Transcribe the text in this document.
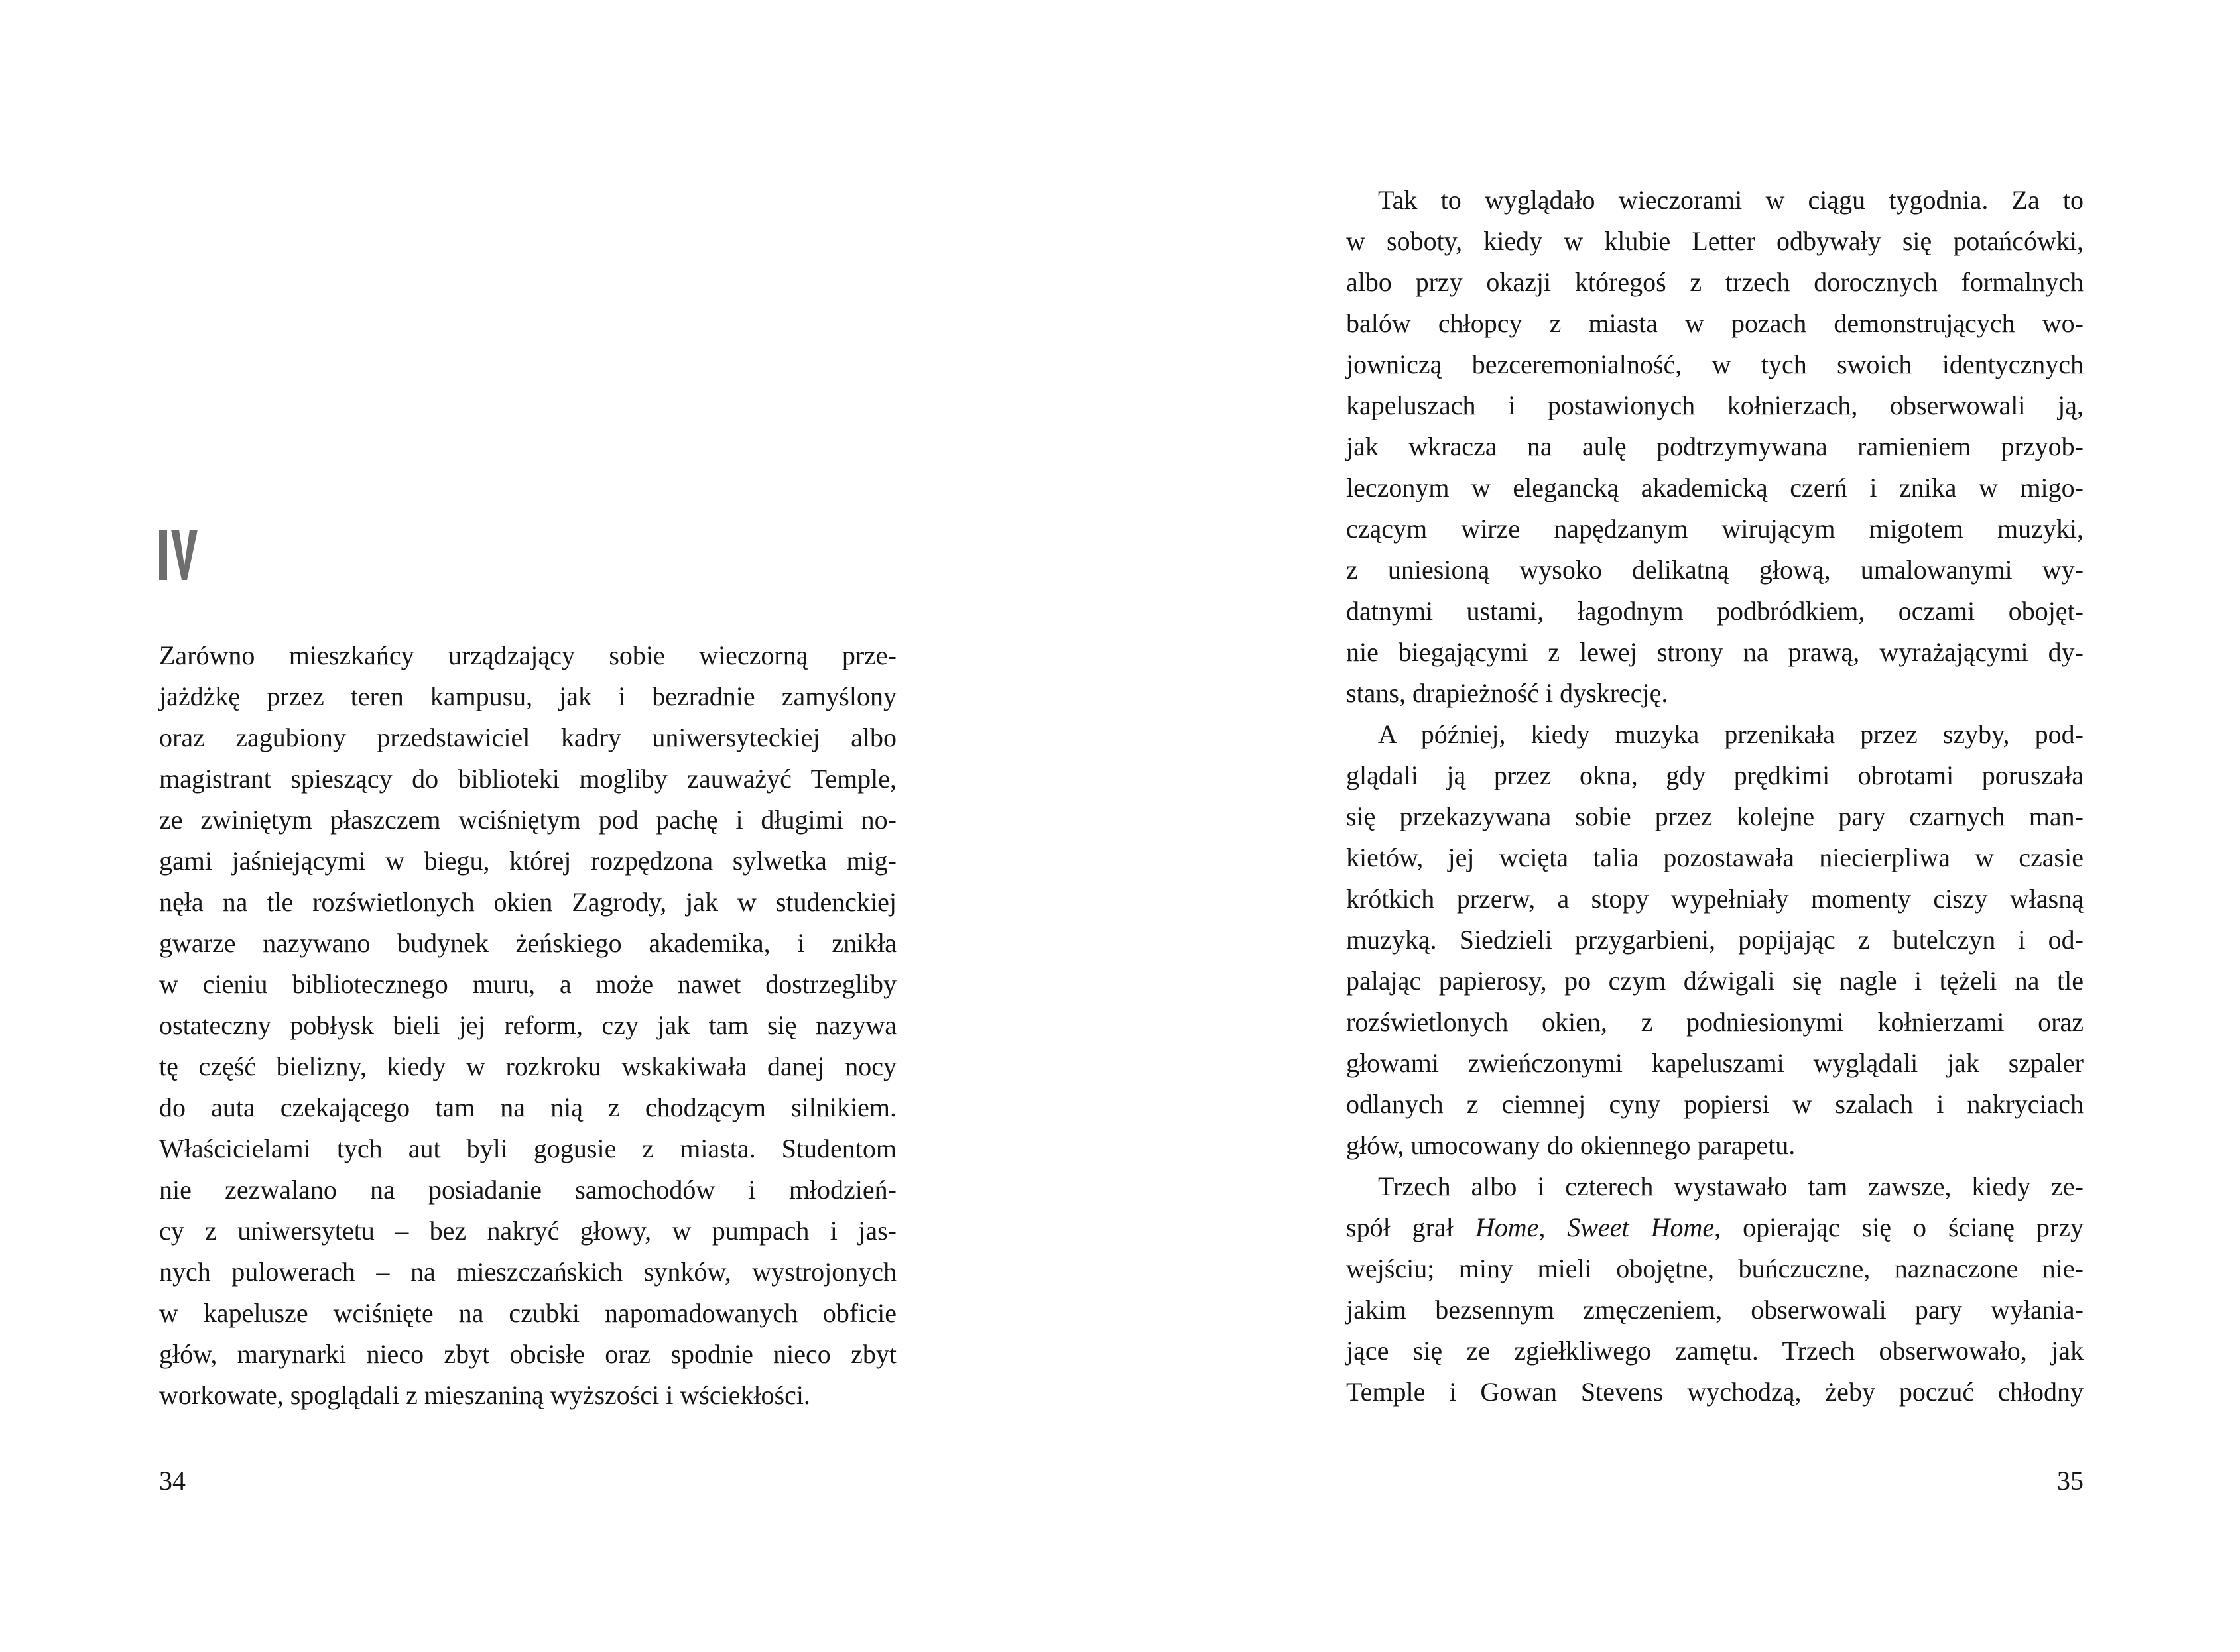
Zarówno mieszkańcy urządzający sobie wieczorną prze-
jażdżkę przez teren kampusu, jak i bezradnie zamyślony
oraz zagubiony przedstawiciel kadry uniwersyteckiej albo
magistrant spieszący do biblioteki mogliby zauważyć Temple,
ze zwiniętym płaszczem wciśniętym pod pachę i długimi no-
gami jaśniejącymi w biegu, której rozpędzona sylwetka mig-
nęła na tle rozświetlonych okien Zagrody, jak w studenckiej
gwarze nazywano budynek żeńskiego akademika, i znikła
w cieniu bibliotecznego muru, a może nawet dostrzegliby
ostateczny pobłysk bieli jej reform, czy jak tam się nazywa
tę część bielizny, kiedy w rozkroku wskakiwała danej nocy
do auta czekającego tam na nią z chodzącym silnikiem.
Właścicielami tych aut byli gogusie z miasta. Studentom
nie zezwalano na posiadanie samochodów i młodzień-
cy z uniwersytetu – bez nakryć głowy, w pumpach i jas-
nych pulowerach – na mieszczańskich synków, wystrojonych
w kapelusze wciśnięte na czubki napomadowanych obficie
głów, marynarki nieco zbyt obcisłe oraz spodnie nieco zbyt
workowate, spoglądali z mieszaniną wyższości i wściekłości.
34
Tak to wyglądało wieczorami w ciągu tygodnia. Za to
w soboty, kiedy w klubie Letter odbywały się potańcówki,
albo przy okazji któregoś z trzech dorocznych formalnych
balów chłopcy z miasta w pozach demonstrujących wo-
jowniczą bezceremonialność, w tych swoich identycznych
kapeluszach i postawionych kołnierzach, obserwowali ją,
jak wkracza na aulę podtrzymywana ramieniem przyob-
leczonym w elegancką akademicką czerń i znika w migo-
czącym wirze napędzanym wirującym migotem muzyki,
z uniesioną wysoko delikatną głową, umalowanymi wy-
datnymi ustami, łagodnym podbródkiem, oczami obojęt-
nie biegającymi z lewej strony na prawą, wyrażającymi dy-
stans, drapieżność i dyskrecję.
A później, kiedy muzyka przenikała przez szyby, pod-
glądali ją przez okna, gdy prędkimi obrotami poruszała
się przekazywana sobie przez kolejne pary czarnych man-
kietów, jej wcięta talia pozostawała niecierpliwa w czasie
krótkich przerw, a stopy wypełniały momenty ciszy własną
muzyką. Siedzieli przygarbieni, popijając z butelczyn i od-
palając papierosy, po czym dźwigali się nagle i tężeli na tle
rozświetlonych okien, z podniesionymi kołnierzami oraz
głowami zwieńczonymi kapeluszami wyglądali jak szpaler
odlanych z ciemnej cyny popiersi w szalach i nakryciach
głów, umocowany do okiennego parapetu.
Trzech albo i czterech wystawało tam zawsze, kiedy ze-
spół grał Home, Sweet Home, opierając się o ścianę przy
wejściu; miny mieli obojętne, buńczuczne, naznaczone nie-
jakim bezsennym zmęczeniem, obserwowali pary wyłania-
jące się ze zgiełkliwego zamętu. Trzech obserwowało, jak
Temple i Gowan Stevens wychodzą, żeby poczuć chłodny
35
